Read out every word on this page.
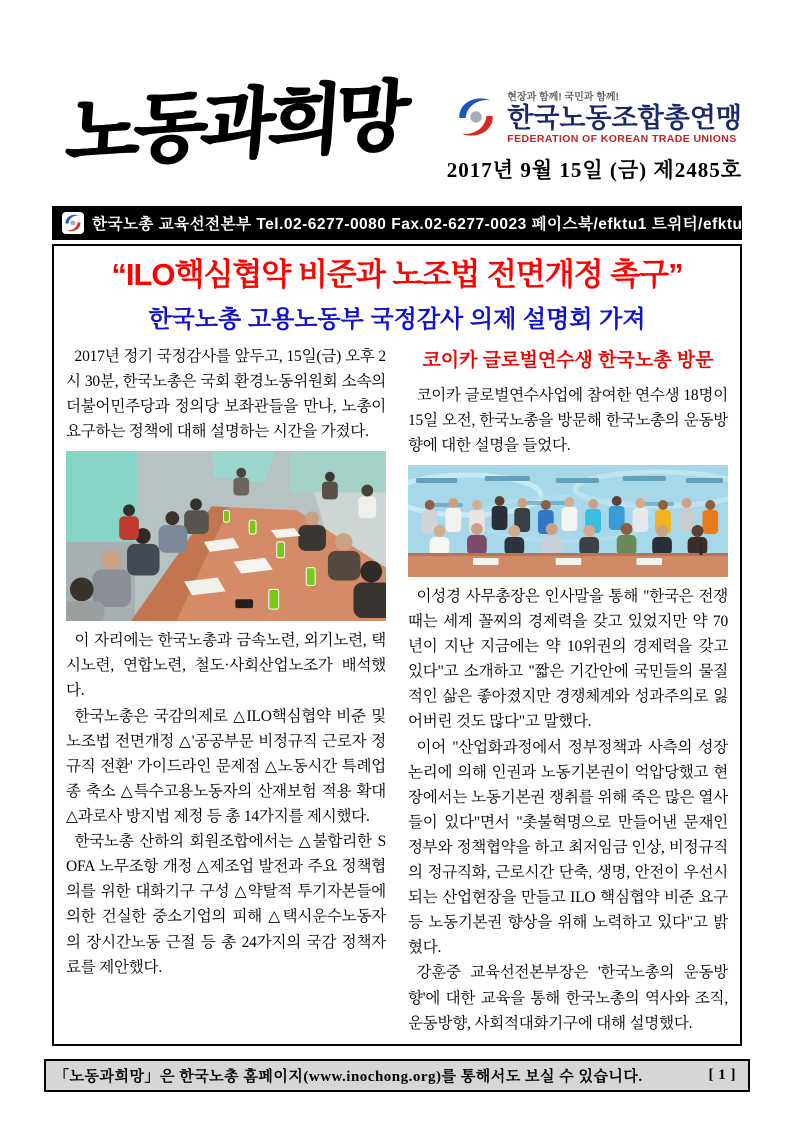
노동과희망	현장과 함께! 국민과 함께!
한국노동조합총연맹
FEDERATION OF KOREAN TRADE UNIONS
2017년 9월 15일 (금) 제2485호
한국노총 교육선전본부 Tel.02-6277-0080 Fax.02-6277-0023 페이스북/efktu1 트위터/efktu
“ILO핵심협약 비준과 노조법 전면개정 촉구”
한국노총 고용노동부 국정감사 의제 설명회 가져

2017년 정기 국정감사를 앞두고, 15일(금) 오후 2시 30분, 한국노총은 국회 환경노동위원회 소속의 더불어민주당과 정의당 보좌관들을 만나, 노총이 요구하는 정책에 대해 설명하는 시간을 가졌다.

이 자리에는 한국노총과 금속노련, 외기노련, 택시노련, 연합노련, 철도·사회산업노조가 배석했다.

한국노총은 국감의제로 △ILO핵심협약 비준 및 노조법 전면개정 △'공공부문 비정규직 근로자 정규직 전환' 가이드라인 문제점 △노동시간 특례업종 축소 △특수고용노동자의 산재보험 적용 확대 △과로사 방지법 제정 등 총 14가지를 제시했다.

한국노총 산하의 회원조합에서는 △불합리한 SOFA 노무조항 개정 △제조업 발전과 주요 정책협의를 위한 대화기구 구성 △약탈적 투기자본들에 의한 건실한 중소기업의 피해 △택시운수노동자의 장시간노동 근절 등 총 24가지의 국감 정책자료를 제안했다.

코이카 글로벌연수생 한국노총 방문

코이카 글로벌연수사업에 참여한 연수생 18명이 15일 오전, 한국노총을 방문해 한국노총의 운동방향에 대한 설명을 들었다.

이성경 사무총장은 인사말을 통해 "한국은 전쟁때는 세계 꼴찌의 경제력을 갖고 있었지만 약 70년이 지난 지금에는 약 10위권의 경제력을 갖고 있다"고 소개하고 "짧은 기간안에 국민들의 물질적인 삶은 좋아졌지만 경쟁체계와 성과주의로 잃어버린 것도 많다"고 말했다.

이어 "산업화과정에서 정부정책과 사측의 성장논리에 의해 인권과 노동기본권이 억압당했고 현장에서는 노동기본권 쟁취를 위해 죽은 많은 열사들이 있다"면서 "촛불혁명으로 만들어낸 문재인 정부와 정책협약을 하고 최저임금 인상, 비정규직의 정규직화, 근로시간 단축, 생명, 안전이 우선시 되는 산업현장을 만들고 ILO 핵심협약 비준 요구 등 노동기본권 향상을 위해 노력하고 있다"고 밝혔다.

강훈중 교육선전본부장은 '한국노총의 운동방향'에 대한 교육을 통해 한국노총의 역사와 조직, 운동방향, 사회적대화기구에 대해 설명했다.

「노동과희망」은 한국노총 홈페이지(www.inochong.org)를 통해서도 보실 수 있습니다.	[ 1 ]
